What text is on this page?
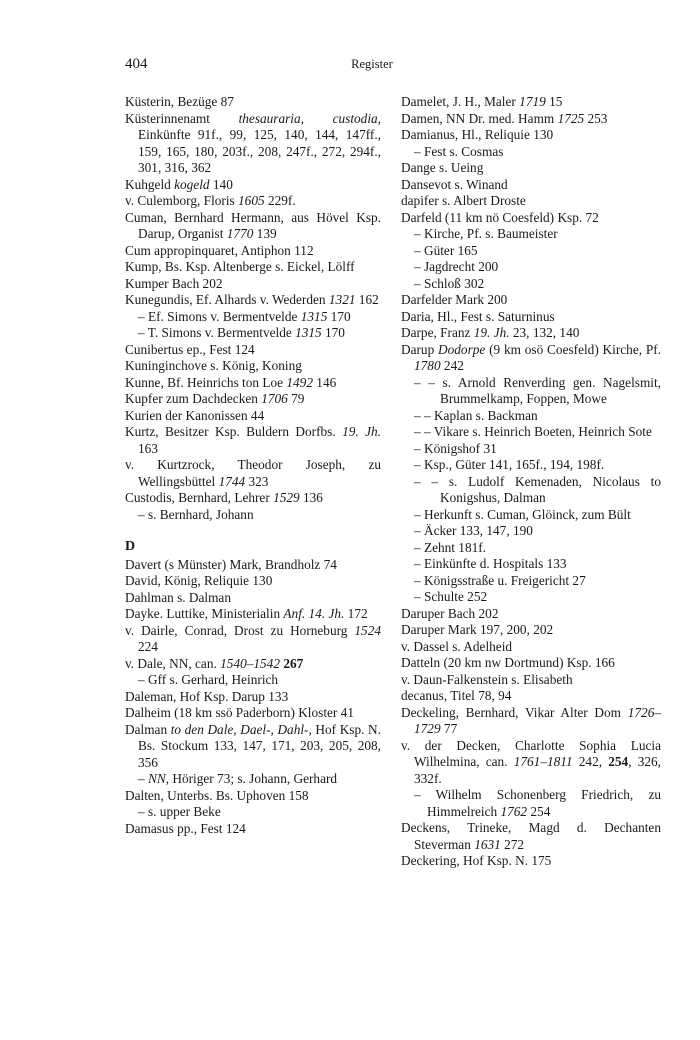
404	Register
Küsterin, Bezüge 87
Küsterinnenamt thesauraria, custodia, Einkünfte 91f., 99, 125, 140, 144, 147ff., 159, 165, 180, 203f., 208, 247f., 272, 294f., 301, 316, 362
Kuhgeld kogeld 140
v. Culemborg, Floris 1605 229f.
Cuman, Bernhard Hermann, aus Hövel Ksp. Darup, Organist 1770 139
Cum appropinquaret, Antiphon 112
Kump, Bs. Ksp. Altenberge s. Eickel, Lölff
Kumper Bach 202
Kunegundis, Ef. Alhards v. Wederden 1321 162
– Ef. Simons v. Bermentvelde 1315 170
– T. Simons v. Bermentvelde 1315 170
Cunibertus ep., Fest 124
Kuninginchove s. König, Koning
Kunne, Bf. Heinrichs ton Loe 1492 146
Kupfer zum Dachdecken 1706 79
Kurien der Kanonissen 44
Kurtz, Besitzer Ksp. Buldern Dorfbs. 19. Jh. 163
v. Kurtzrock, Theodor Joseph, zu Wellingsbüttel 1744 323
Custodis, Bernhard, Lehrer 1529 136
– s. Bernhard, Johann
D
Davert (s Münster) Mark, Brandholz 74
David, König, Reliquie 130
Dahlman s. Dalman
Dayke. Luttike, Ministerialin Anf. 14. Jh. 172
v. Dairle, Conrad, Drost zu Horneburg 1524 224
v. Dale, NN, can. 1540–1542 267
– Gff s. Gerhard, Heinrich
Daleman, Hof Ksp. Darup 133
Dalheim (18 km ssö Paderborn) Kloster 41
Dalman to den Dale, Dael-, Dahl-, Hof Ksp. N. Bs. Stockum 133, 147, 171, 203, 205, 208, 356
– NN, Höriger 73; s. Johann, Gerhard
Dalten, Unterbs. Bs. Uphoven 158
– s. upper Beke
Damasus pp., Fest 124
Damelet, J. H., Maler 1719 15
Damen, NN Dr. med. Hamm 1725 253
Damianus, Hl., Reliquie 130
– Fest s. Cosmas
Dange s. Ueing
Dansevot s. Winand
dapifer s. Albert Droste
Darfeld (11 km nö Coesfeld) Ksp. 72
– Kirche, Pf. s. Baumeister
– Güter 165
– Jagdrecht 200
– Schloß 302
Darfelder Mark 200
Daria, Hl., Fest s. Saturninus
Darpe, Franz 19. Jh. 23, 132, 140
Darup Dodorpe (9 km osö Coesfeld) Kirche, Pf. 1780 242
– – s. Arnold Renverding gen. Nagelsmit, Brummelkamp, Foppen, Mowe
– – Kaplan s. Backman
– – Vikare s. Heinrich Boeten, Heinrich Sote
– Königshof 31
– Ksp., Güter 141, 165f., 194, 198f.
– – s. Ludolf Kemenaden, Nicolaus to Konigshus, Dalman
– Herkunft s. Cuman, Glöinck, zum Bült
– Äcker 133, 147, 190
– Zehnt 181f.
– Einkünfte d. Hospitals 133
– Königsstraße u. Freigericht 27
– Schulte 252
Daruper Bach 202
Daruper Mark 197, 200, 202
v. Dassel s. Adelheid
Datteln (20 km nw Dortmund) Ksp. 166
v. Daun-Falkenstein s. Elisabeth
decanus, Titel 78, 94
Deckeling, Bernhard, Vikar Alter Dom 1726–1729 77
v. der Decken, Charlotte Sophia Lucia Wilhelmina, can. 1761–1811 242, 254, 326, 332f.
– Wilhelm Schonenberg Friedrich, zu Himmelreich 1762 254
Deckens, Trineke, Magd d. Dechanten Steverman 1631 272
Deckering, Hof Ksp. N. 175
